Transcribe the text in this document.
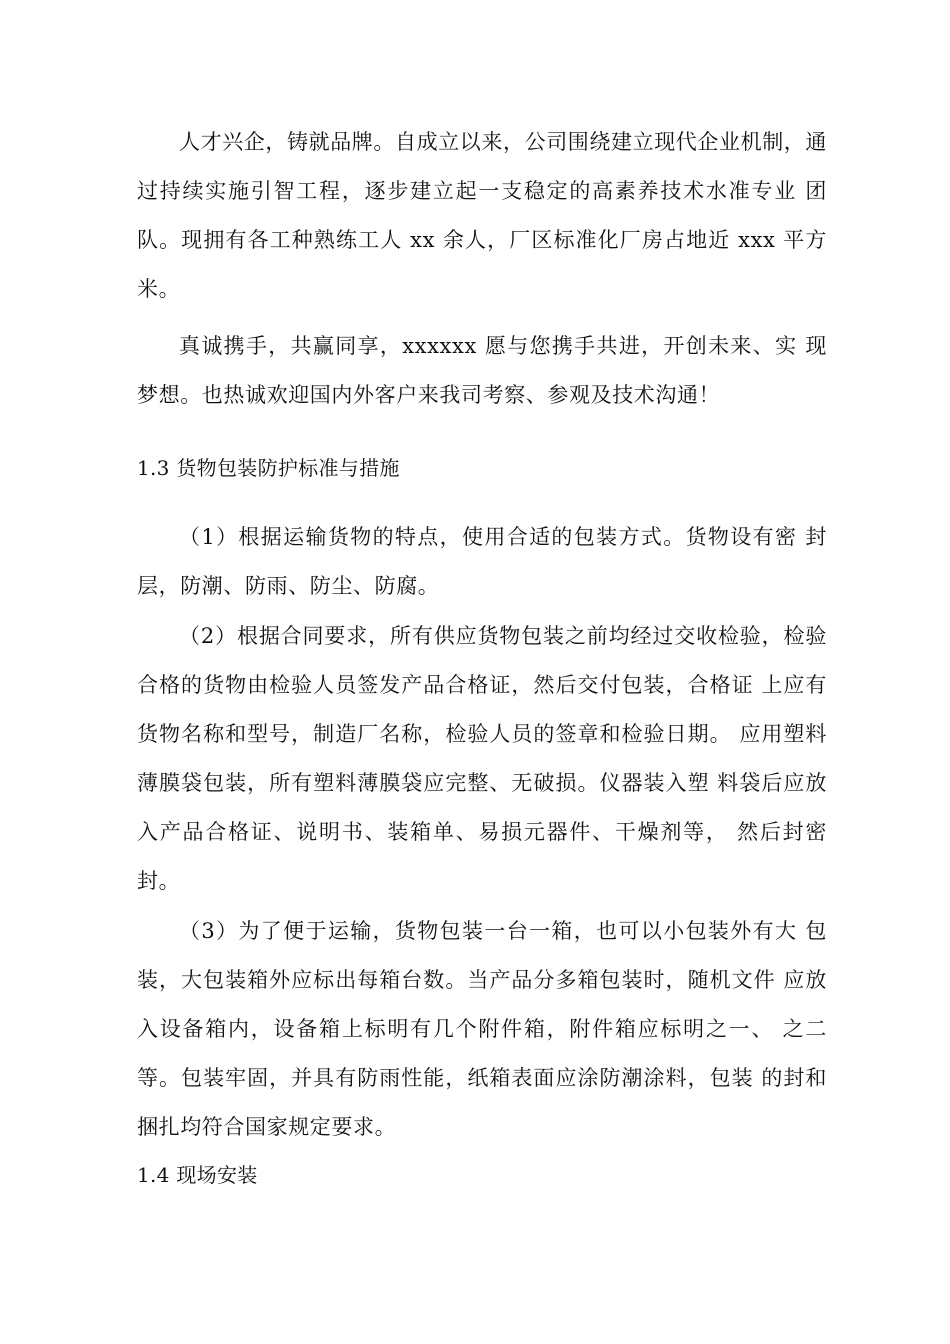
人才兴企，铸就品牌。自成立以来，公司围绕建立现代企业机制，通过持续实施引智工程，逐步建立起一支稳定的高素养技术水准专业 团队。现拥有各工种熟练工人 xx 余人，厂区标准化厂房占地近 xxx 平方米。

真诚携手，共赢同享，xxxxxx 愿与您携手共进，开创未来、实 现梦想。也热诚欢迎国内外客户来我司考察、参观及技术沟通！

1.3 货物包装防护标准与措施

（1）根据运输货物的特点，使用合适的包装方式。货物设有密 封层，防潮、防雨、防尘、防腐。

（2）根据合同要求，所有供应货物包装之前均经过交收检验，检验合格的货物由检验人员签发产品合格证，然后交付包装，合格证 上应有货物名称和型号，制造厂名称，检验人员的签章和检验日期。 应用塑料薄膜袋包装，所有塑料薄膜袋应完整、无破损。仪器装入塑 料袋后应放入产品合格证、说明书、装箱单、易损元器件、干燥剂等， 然后封密封。

（3）为了便于运输，货物包装一台一箱，也可以小包装外有大 包装，大包装箱外应标出每箱台数。当产品分多箱包装时，随机文件 应放入设备箱内，设备箱上标明有几个附件箱，附件箱应标明之一、 之二等。包装牢固，并具有防雨性能，纸箱表面应涂防潮涂料，包装 的封和捆扎均符合国家规定要求。

1.4 现场安装
